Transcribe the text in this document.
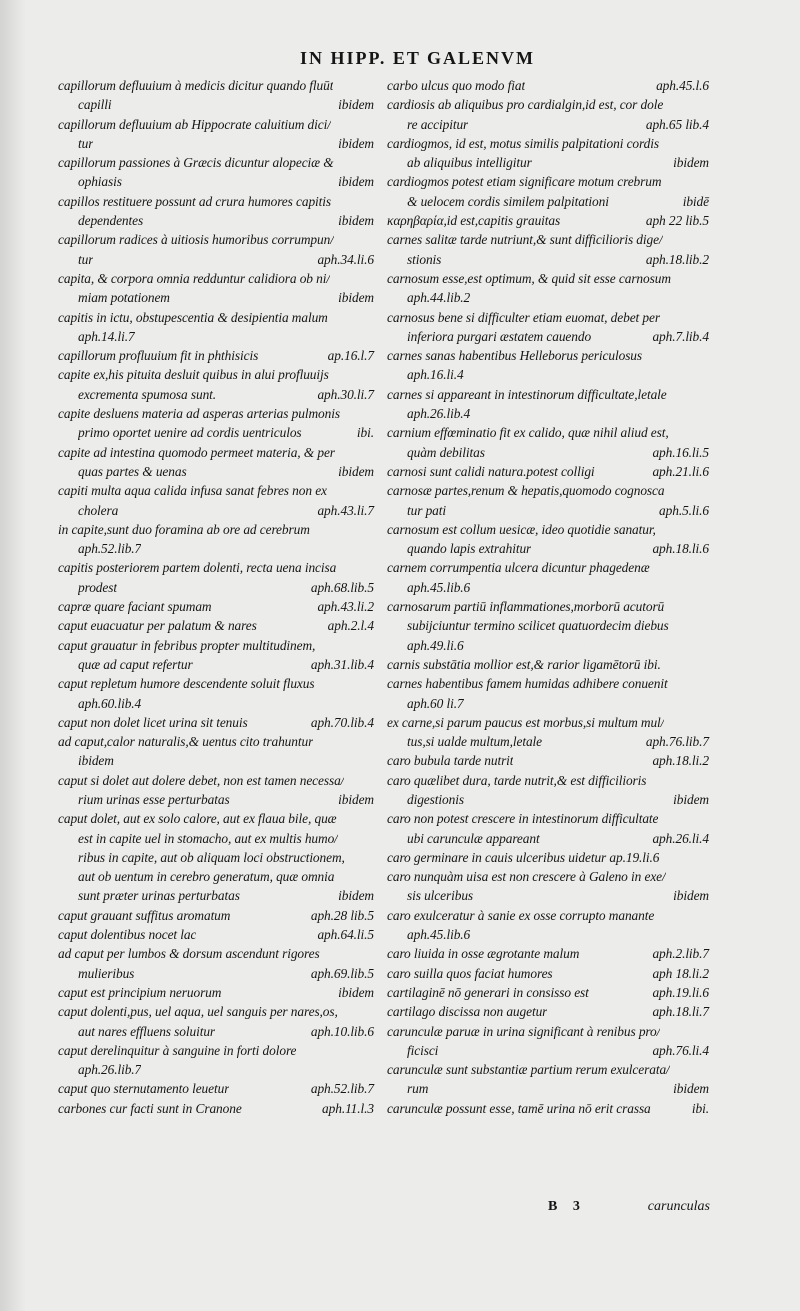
IN HIPP. ET GALENVM
capillorum defluuium à medicis dicitur quando fluūt
capilli	ibidem
capillorum defluuium ab Hippocrate caluitium dici/
tur	ibidem
capillorum passiones à Græcis dicuntur alopeciæ &
ophiasis	ibidem
capillos restituere possunt ad crura humores capitis
dependentes	ibidem
capillorum radices à uitiosis humoribus corrumpun/
tur	aph.34.li.6
capita, & corpora omnia redduntur calidiora ob ni/
miam potationem	ibidem
capitis in ictu, obstupescentia & desipientia malum
aph.14.li.7
capillorum profluuium fit in phthisicis	ap.16.l.7
capite ex,his pituita desluit quibus in alui profluuijs
excrementa spumosa sunt.	aph.30.li.7
capite desluens materia ad asperas arterias pulmonis
primo oportet uenire ad cordis uentriculos	ibi.
capite ad intestina quomodo permeet materia, & per
quas partes & uenas	ibidem
capiti multa aqua calida infusa sanat febres non ex
cholera	aph.43.li.7
in capite,sunt duo foramina ab ore ad cerebrum
aph.52.lib.7
capitis posteriorem partem dolenti, recta uena incisa
prodest	aph.68.lib.5
capræ quare faciant spumam	aph.43.li.2
caput euacuatur per palatum & nares	aph.2.l.4
caput grauatur in febribus propter multitudinem,
quæ ad caput refertur	aph.31.lib.4
caput repletum humore descendente soluit fluxus
aph.60.lib.4
caput non dolet licet urina sit tenuis	aph.70.lib.4
ad caput,calor naturalis,& uentus cito trahuntur
ibidem
caput si dolet aut dolere debet, non est tamen necessa/
rium urinas esse perturbatas	ibidem
caput dolet, aut ex solo calore, aut ex flaua bile, quæ
est in capite uel in stomacho, aut ex multis humo/
ribus in capite, aut ob aliquam loci obstructionem,
aut ob uentum in cerebro generatum, quæ omnia
sunt præter urinas perturbatas	ibidem
caput grauant suffitus aromatum	aph.28 lib.5
caput dolentibus nocet lac	aph.64.li.5
ad caput per lumbos & dorsum ascendunt rigores
mulieribus	aph.69.lib.5
caput est principium neruorum	ibidem
caput dolenti,pus, uel aqua, uel sanguis per nares,os,
aut nares effluens soluitur	aph.10.lib.6
caput derelinquitur à sanguine in forti dolore
aph.26.lib.7
caput quo sternutamento leuetur	aph.52.lib.7
carbones cur facti sunt in Cranone	aph.11.l.3
carbo ulcus quo modo fiat	aph.45.l.6
cardiosis ab aliquibus pro cardialgin,id est, cor dole
re accipitur	aph.65 lib.4
cardiogmos, id est, motus similis palpitationi cordis
ab aliquibus intelligitur	ibidem
cardiogmos potest etiam significare motum crebrum
& uelocem cordis similem palpitationi	ibidē
καρηβαρία,id est,capitis grauitas	aph 22 lib.5
carnes salitæ tarde nutriunt,& sunt difficilioris dige/
stionis	aph.18.lib.2
carnosum esse,est optimum, & quid sit esse carnosum
aph.44.lib.2
carnosus bene si difficulter etiam euomat, debet per
inferiora purgari æstatem cauendo	aph.7.lib.4
carnes sanas habentibus Helleborus periculosus
aph.16.li.4
carnes si appareant in intestinorum difficultate,letale
aph.26.lib.4
carnium effœminatio fit ex calido, quæ nihil aliud est,
quàm debilitas	aph.16.li.5
carnosi sunt calidi natura.potest colligi	aph.21.li.6
carnosæ partes,renum & hepatis,quomodo cognosca
tur pati	aph.5.li.6
carnosum est collum uesicæ, ideo quotidie sanatur,
quando lapis extrahitur	aph.18.li.6
carnem corrumpentia ulcera dicuntur phagedenæ
aph.45.lib.6
carnosarum partiū inflammationes,morborū acutorū
subijciuntur termino scilicet quatuordecim diebus
aph.49.li.6
carnis substātia mollior est,& rarior ligamētorū ibi.
carnes habentibus famem humidas adhibere conuenit
aph.60 li.7
ex carne,si parum paucus est morbus,si multum mul/
tus,si ualde multum,letale	aph.76.lib.7
caro bubula tarde nutrit	aph.18.li.2
caro quælibet dura, tarde nutrit,& est difficilioris
digestionis	ibidem
caro non potest crescere in intestinorum difficultate
ubi carunculæ appareant	aph.26.li.4
caro germinare in cauis ulceribus uidetur ap.19.li.6
caro nunquàm uisa est non crescere à Galeno in exe/
sis ulceribus	ibidem
caro exulceratur à sanie ex osse corrupto manante
aph.45.lib.6
caro liuida in osse ægrotante malum	aph.2.lib.7
caro suilla quos faciat humores	aph 18.li.2
cartilaginē nō generari in consisso est	aph.19.li.6
cartilago discissa non augetur	aph.18.li.7
carunculæ paruæ in urina significant à renibus pro/
ficisci	aph.76.li.4
carunculæ sunt substantiæ partium rerum exulcerata/
rum	ibidem
carunculæ possunt esse, tamē urina nō erit crassa	ibi.
B 3	carunculas
